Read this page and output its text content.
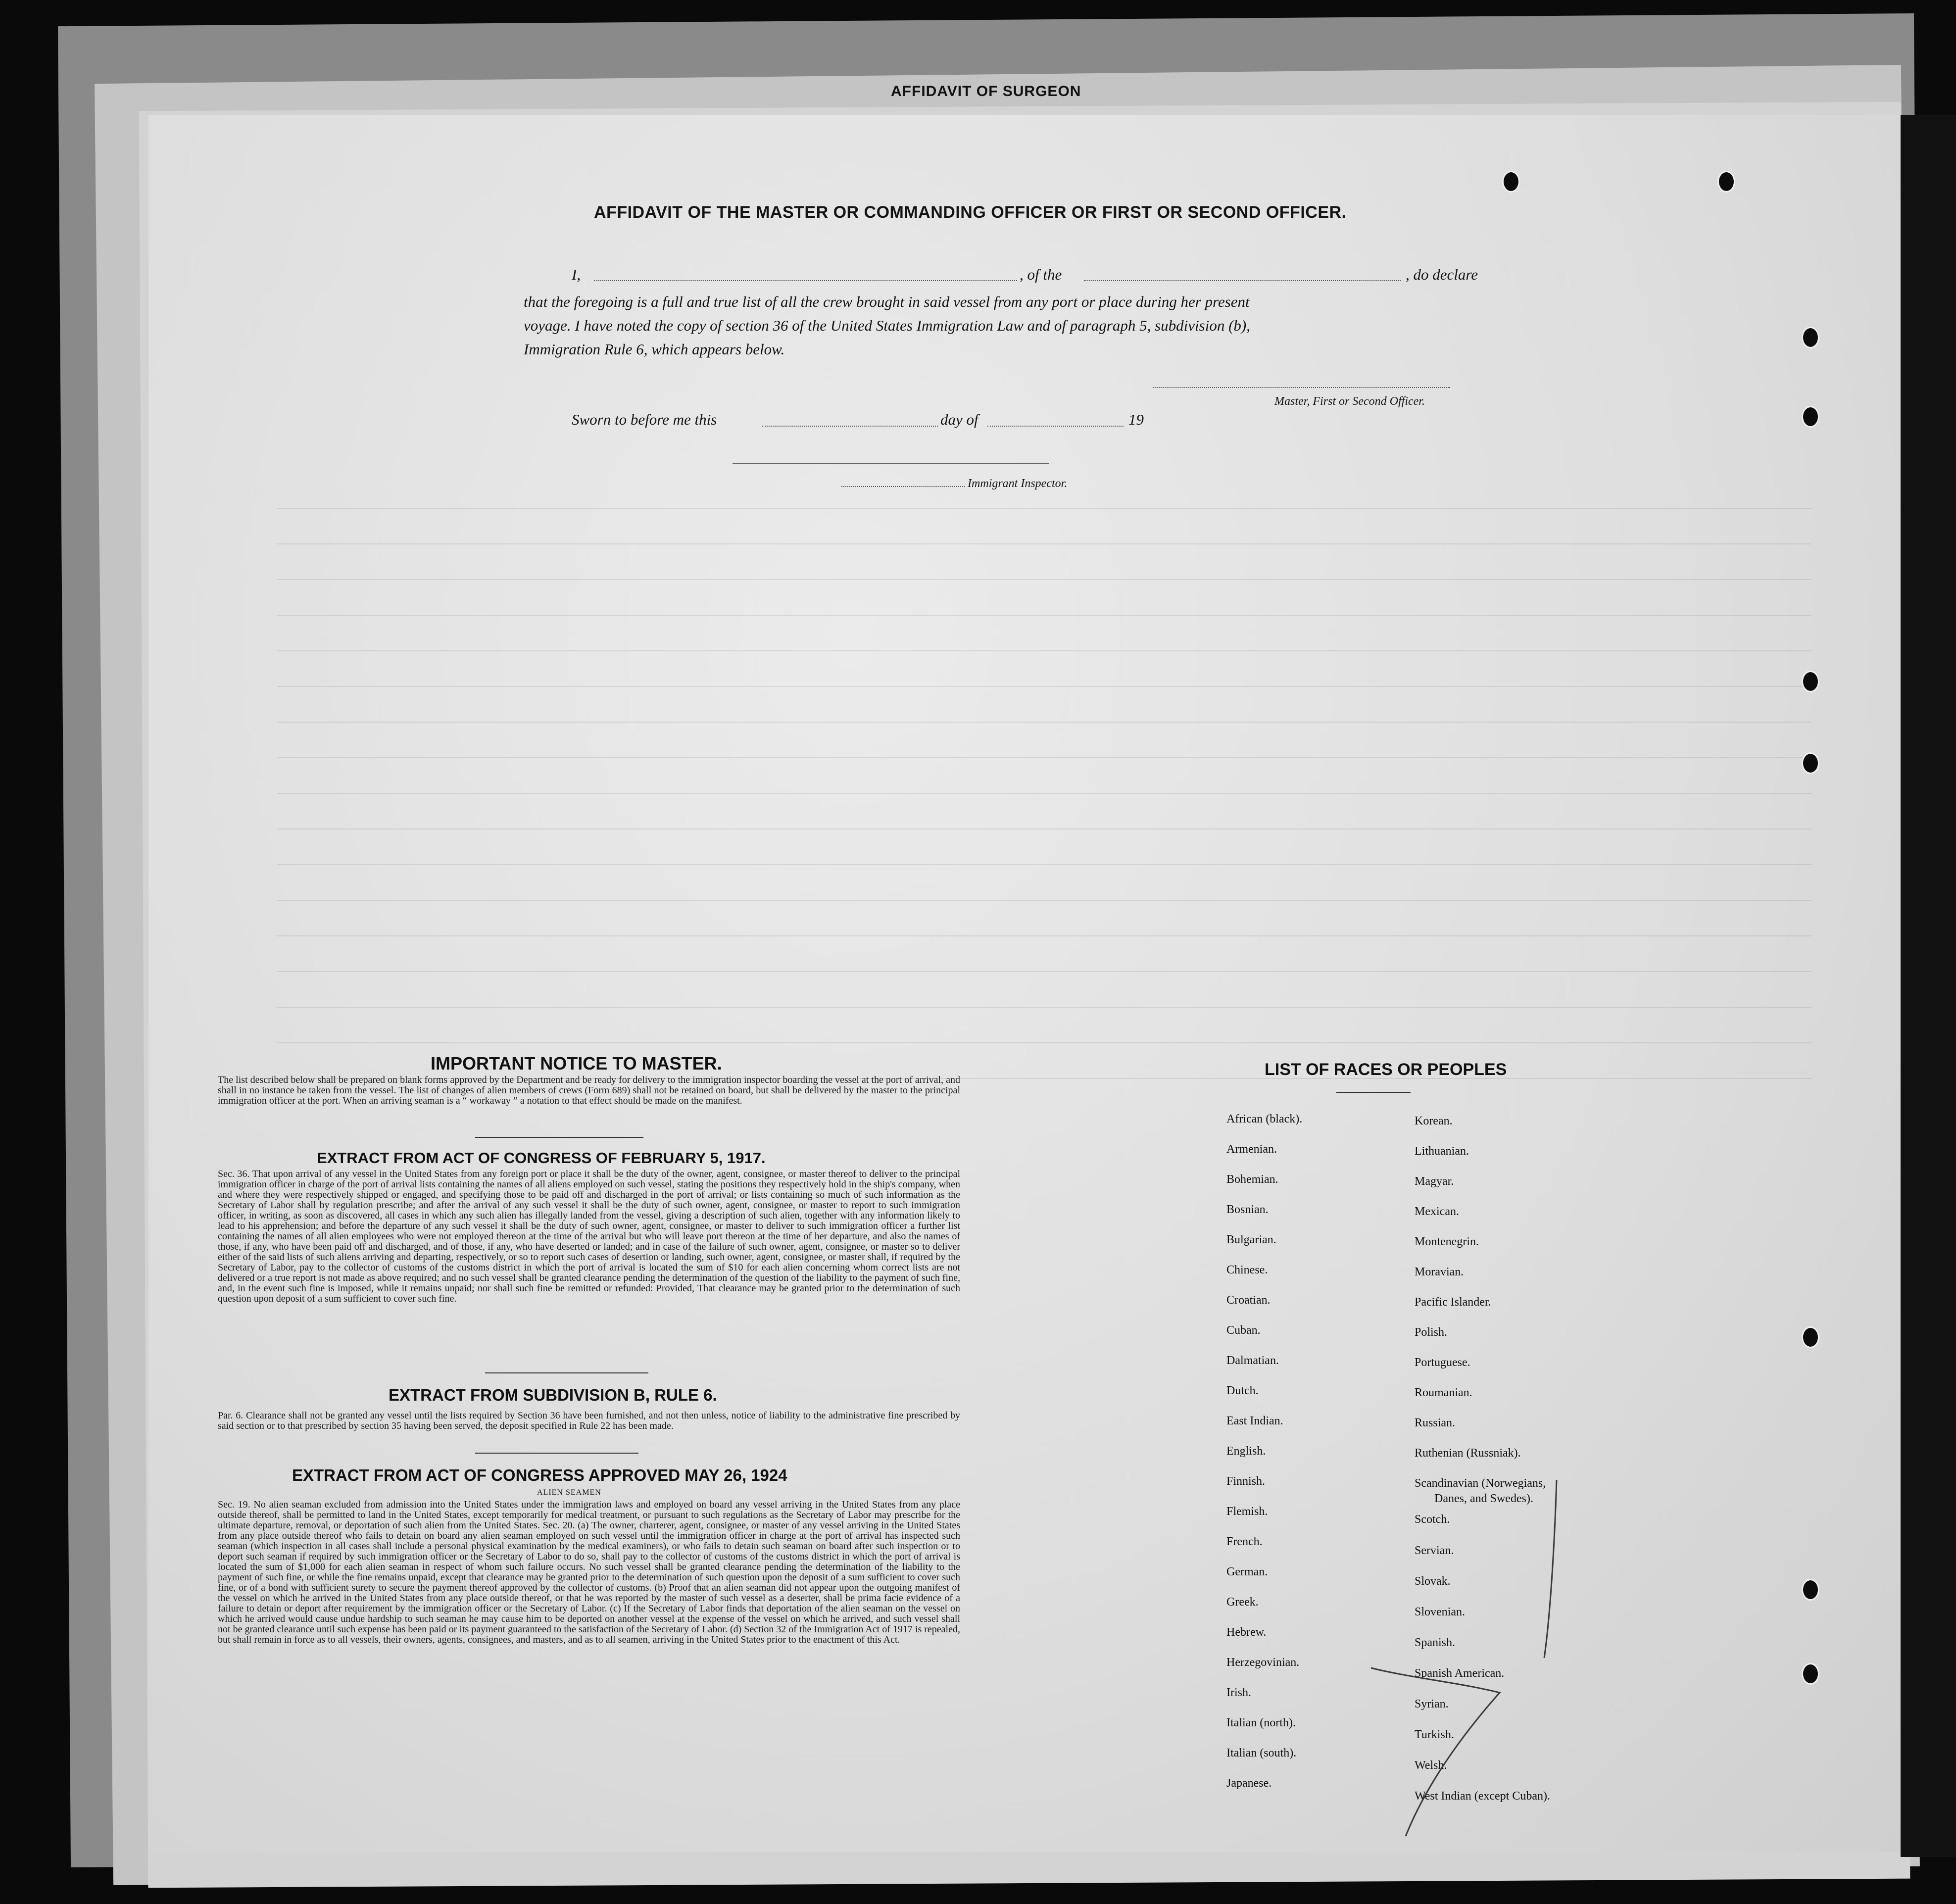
AFFIDAVIT OF SURGEON
AFFIDAVIT OF THE MASTER OR COMMANDING OFFICER OR FIRST OR SECOND OFFICER.
I,	, of the	, do declare
that the foregoing is a full and true list of all the crew brought in said vessel from any port or place during her present
voyage. I have noted the copy of section 36 of the United States Immigration Law and of paragraph 5, subdivision (b),
Immigration Rule 6, which appears below.
Master, First or Second Officer.
Sworn to before me this	day of	19
Immigrant Inspector.
IMPORTANT NOTICE TO MASTER.
The list described below shall be prepared on blank forms approved by the Department and be ready for delivery to the immigration inspector boarding the vessel at the port of arrival, and shall in no instance be taken from the vessel. The list of changes of alien members of crews (Form 689) shall not be retained on board, but shall be delivered by the master to the principal immigration officer at the port. When an arriving seaman is a “ workaway ” a notation to that effect should be made on the manifest.
EXTRACT FROM ACT OF CONGRESS OF FEBRUARY 5, 1917.
Sec. 36. That upon arrival of any vessel in the United States from any foreign port or place it shall be the duty of the owner, agent, consignee, or master thereof to deliver to the principal immigration officer in charge of the port of arrival lists containing the names of all aliens employed on such vessel, stating the positions they respectively hold in the ship's company, when and where they were respectively shipped or engaged, and specifying those to be paid off and discharged in the port of arrival; or lists containing so much of such information as the Secretary of Labor shall by regulation prescribe; and after the arrival of any such vessel it shall be the duty of such owner, agent, consignee, or master to report to such immigration officer, in writing, as soon as discovered, all cases in which any such alien has illegally landed from the vessel, giving a description of such alien, together with any information likely to lead to his apprehension; and before the departure of any such vessel it shall be the duty of such owner, agent, consignee, or master to deliver to such immigration officer a further list containing the names of all alien employees who were not employed thereon at the time of the arrival but who will leave port thereon at the time of her departure, and also the names of those, if any, who have been paid off and discharged, and of those, if any, who have deserted or landed; and in case of the failure of such owner, agent, consignee, or master so to deliver either of the said lists of such aliens arriving and departing, respectively, or so to report such cases of desertion or landing, such owner, agent, consignee, or master shall, if required by the Secretary of Labor, pay to the collector of customs of the customs district in which the port of arrival is located the sum of $10 for each alien concerning whom correct lists are not delivered or a true report is not made as above required; and no such vessel shall be granted clearance pending the determination of the question of the liability to the payment of such fine, and, in the event such fine is imposed, while it remains unpaid; nor shall such fine be remitted or refunded: Provided, That clearance may be granted prior to the determination of such question upon deposit of a sum sufficient to cover such fine.
EXTRACT FROM SUBDIVISION B, RULE 6.
Par. 6. Clearance shall not be granted any vessel until the lists required by Section 36 have been furnished, and not then unless, notice of liability to the administrative fine prescribed by said section or to that prescribed by section 35 having been served, the deposit specified in Rule 22 has been made.
EXTRACT FROM ACT OF CONGRESS APPROVED MAY 26, 1924
ALIEN SEAMEN
Sec. 19. No alien seaman excluded from admission into the United States under the immigration laws and employed on board any vessel arriving in the United States from any place outside thereof, shall be permitted to land in the United States, except temporarily for medical treatment, or pursuant to such regulations as the Secretary of Labor may prescribe for the ultimate departure, removal, or deportation of such alien from the United States. Sec. 20. (a) The owner, charterer, agent, consignee, or master of any vessel arriving in the United States from any place outside thereof who fails to detain on board any alien seaman employed on such vessel until the immigration officer in charge at the port of arrival has inspected such seaman (which inspection in all cases shall include a personal physical examination by the medical examiners), or who fails to detain such seaman on board after such inspection or to deport such seaman if required by such immigration officer or the Secretary of Labor to do so, shall pay to the collector of customs of the customs district in which the port of arrival is located the sum of $1,000 for each alien seaman in respect of whom such failure occurs. No such vessel shall be granted clearance pending the determination of the liability to the payment of such fine, or while the fine remains unpaid, except that clearance may be granted prior to the determination of such question upon the deposit of a sum sufficient to cover such fine, or of a bond with sufficient surety to secure the payment thereof approved by the collector of customs. (b) Proof that an alien seaman did not appear upon the outgoing manifest of the vessel on which he arrived in the United States from any place outside thereof, or that he was reported by the master of such vessel as a deserter, shall be prima facie evidence of a failure to detain or deport after requirement by the immigration officer or the Secretary of Labor. (c) If the Secretary of Labor finds that deportation of the alien seaman on the vessel on which he arrived would cause undue hardship to such seaman he may cause him to be deported on another vessel at the expense of the vessel on which he arrived, and such vessel shall not be granted clearance until such expense has been paid or its payment guaranteed to the satisfaction of the Secretary of Labor. (d) Section 32 of the Immigration Act of 1917 is repealed, but shall remain in force as to all vessels, their owners, agents, consignees, and masters, and as to all seamen, arriving in the United States prior to the enactment of this Act.
LIST OF RACES OR PEOPLES
African (black).
Armenian.
Bohemian.
Bosnian.
Bulgarian.
Chinese.
Croatian.
Cuban.
Dalmatian.
Dutch.
East Indian.
English.
Finnish.
Flemish.
French.
German.
Greek.
Hebrew.
Herzegovinian.
Irish.
Italian (north).
Italian (south).
Japanese.
Korean.
Lithuanian.
Magyar.
Mexican.
Montenegrin.
Moravian.
Pacific Islander.
Polish.
Portuguese.
Roumanian.
Russian.
Ruthenian (Russniak).
Scandinavian (Norwegians,
Danes, and Swedes).
Scotch.
Servian.
Slovak.
Slovenian.
Spanish.
Spanish American.
Syrian.
Turkish.
Welsh.
West Indian (except Cuban).
